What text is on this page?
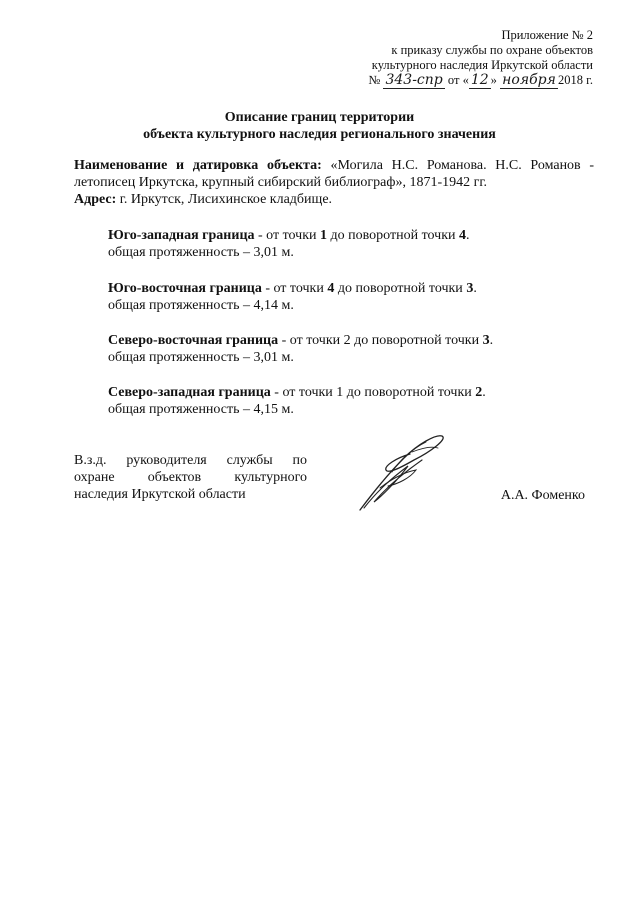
Приложение № 2
к приказу службы по охране объектов
культурного наследия Иркутской области
№ 343-спр от « 12 » ноября 2018 г.
Описание границ территории
объекта культурного наследия регионального значения

Наименование и датировка объекта: «Могила Н.С. Романова. Н.С. Романов - летописец Иркутска, крупный сибирский библиограф», 1871-1942 гг.

Адрес: г. Иркутск, Лисихинское кладбище.

Юго-западная граница - от точки 1 до поворотной точки 4.
общая протяженность – 3,01 м.
Юго-восточная граница - от точки 4 до поворотной точки 3.
общая протяженность – 4,14 м.
Северо-восточная граница - от точки 2 до поворотной точки 3.
общая протяженность – 3,01 м.
Северо-западная граница - от точки 1 до поворотной точки 2.
общая протяженность – 4,15 м.
В.з.д. руководителя службы по
охране объектов культурного
наследия Иркутской области	А.А. Фоменко
